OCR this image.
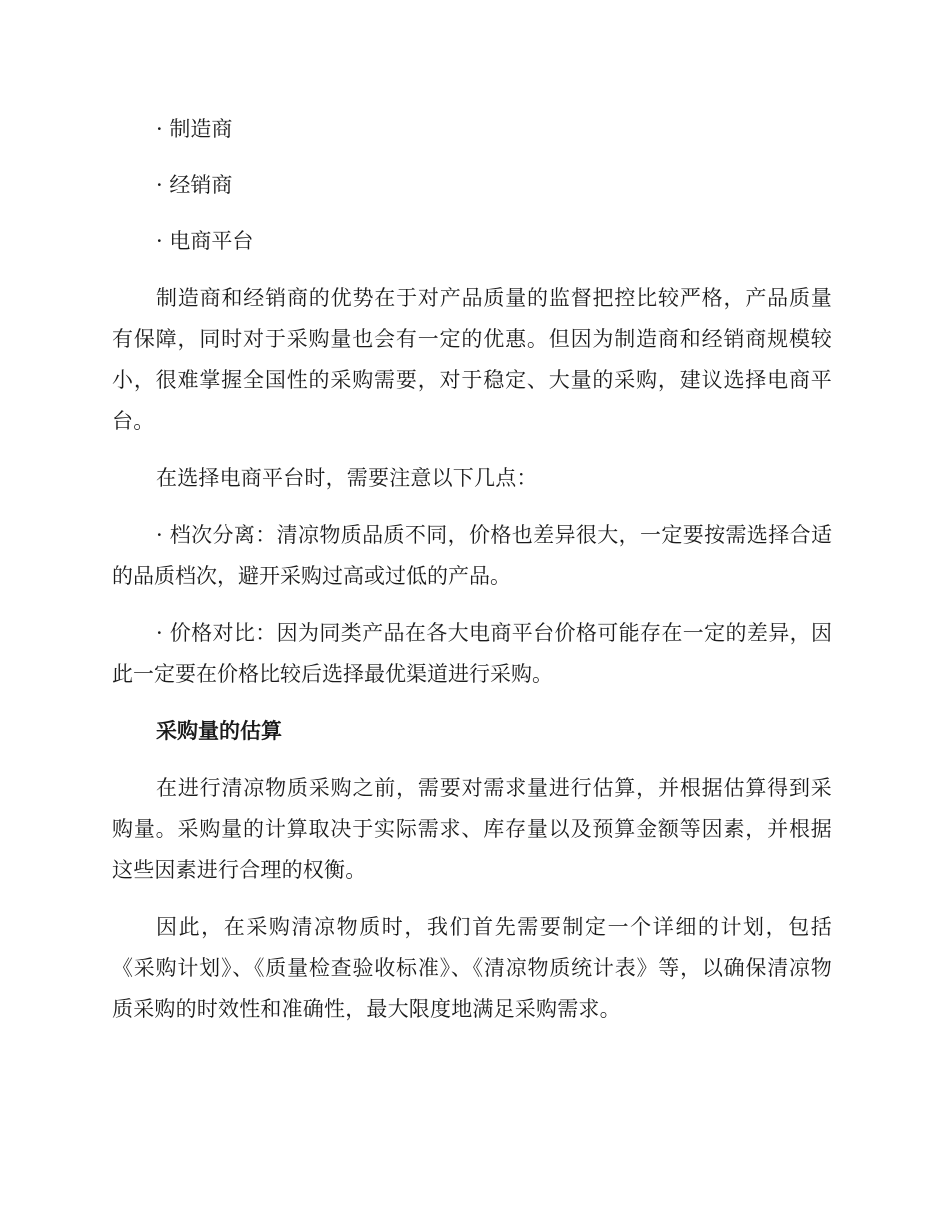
· 制造商

· 经销商

· 电商平台

制造商和经销商的优势在于对产品质量的监督把控比较严格，产品质量有保障，同时对于采购量也会有一定的优惠。但因为制造商和经销商规模较小，很难掌握全国性的采购需要，对于稳定、大量的采购，建议选择电商平台。

在选择电商平台时，需要注意以下几点：

· 档次分离：清凉物质品质不同，价格也差异很大，一定要按需选择合适的品质档次，避开采购过高或过低的产品。

· 价格对比：因为同类产品在各大电商平台价格可能存在一定的差异，因此一定要在价格比较后选择最优渠道进行采购。

采购量的估算

在进行清凉物质采购之前，需要对需求量进行估算，并根据估算得到采购量。采购量的计算取决于实际需求、库存量以及预算金额等因素，并根据这些因素进行合理的权衡。

因此，在采购清凉物质时，我们首先需要制定一个详细的计划，包括《采购计划》、《质量检查验收标准》、《清凉物质统计表》等，以确保清凉物质采购的时效性和准确性，最大限度地满足采购需求。
